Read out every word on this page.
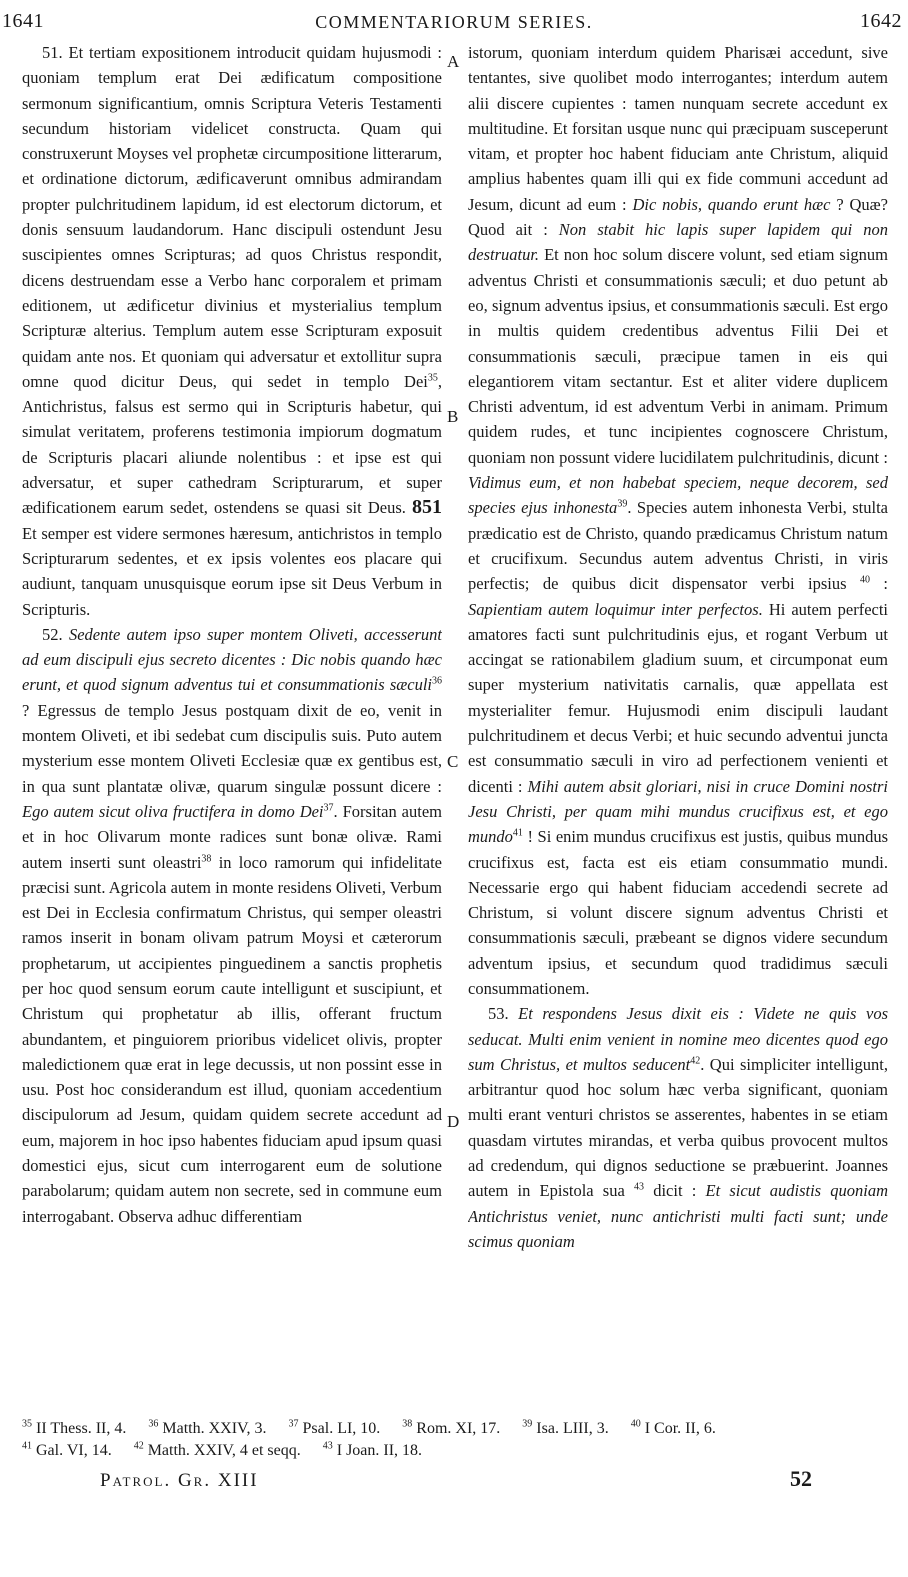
1641	COMMENTARIORUM SERIES.	1642

51. Et tertiam expositionem introducit quidam hujusmodi : quoniam templum erat Dei ædificatum compositione sermonum significantium, omnis Scriptura Veteris Testamenti secundum historiam videlicet constructa. Quam qui construxerunt Moyses vel prophetæ circumpositione litterarum, et ordinatione dictorum, ædificaverunt omnibus admirandam propter pulchritudinem lapidum, id est electorum dictorum, et donis sensuum laudandorum. Hanc discipuli ostendunt Jesu suscipientes omnes Scripturas; ad quos Christus respondit, dicens destruendam esse a Verbo hanc corporalem et primam editionem, ut ædificetur divinius et mysterialius templum Scripturæ alterius. Templum autem esse Scripturam exposuit quidam ante nos. Et quoniam qui adversatur et extollitur supra omne quod dicitur Deus, qui sedet in templo Dei$^{35}$, Antichristus, falsus est sermo qui in Scripturis habetur, qui simulat veritatem, proferens testimonia impiorum dogmatum de Scripturis placari aliunde nolentibus : et ipse est qui adversatur, et super cathedram Scripturarum, et super ædificationem earum sedet, ostendens se quasi sit Deus. 851 Et semper est videre sermones hæresum, antichristos in templo Scripturarum sedentes, et ex ipsis volentes eos placare qui audiunt, tanquam unusquisque eorum ipse sit Deus Verbum in Scripturis.

52. Sedente autem ipso super montem Oliveti, accesserunt ad eum discipuli ejus secreto dicentes : Dic nobis quando hæc erunt, et quod signum adventus tui et consummationis sæculi$^{36}$ ? Egressus de templo Jesus postquam dixit de eo, venit in montem Oliveti, et ibi sedebat cum discipulis suis. Puto autem mysterium esse montem Oliveti Ecclesiæ quæ ex gentibus est, in qua sunt plantatæ olivæ, quarum singulæ possunt dicere : Ego autem sicut oliva fructifera in domo Dei$^{37}$. Forsitan autem et in hoc Olivarum monte radices sunt bonæ olivæ. Rami autem inserti sunt oleastri$^{38}$ in loco ramorum qui infidelitate præcisi sunt. Agricola autem in monte residens Oliveti, Verbum est Dei in Ecclesia confirmatum Christus, qui semper oleastri ramos inserit in bonam olivam patrum Moysi et cæterorum prophetarum, ut accipientes pinguedinem a sanctis prophetis per hoc quod sensum eorum caute intelligunt et suscipiunt, et Christum qui prophetatur ab illis, offerant fructum abundantem, et pinguiorem prioribus videlicet olivis, propter maledictionem quæ erat in lege decussis, ut non possint esse in usu. Post hoc considerandum est illud, quoniam accedentium discipulorum ad Jesum, quidam quidem secrete accedunt ad eum, majorem in hoc ipso habentes fiduciam apud ipsum quasi domestici ejus, sicut cum interrogarent eum de solutione parabolarum; quidam autem non secrete, sed in commune eum interrogabant. Observa adhuc differentiam

A
B
C
D

istorum, quoniam interdum quidem Pharisæi accedunt, sive tentantes, sive quolibet modo interrogantes; interdum autem alii discere cupientes : tamen nunquam secrete accedunt ex multitudine. Et forsitan usque nunc qui præcipuam susceperunt vitam, et propter hoc habent fiduciam ante Christum, aliquid amplius habentes quam illi qui ex fide communi accedunt ad Jesum, dicunt ad eum : Dic nobis, quando erunt hæc ? Quæ? Quod ait : Non stabit hic lapis super lapidem qui non destruatur. Et non hoc solum discere volunt, sed etiam signum adventus Christi et consummationis sæculi; et duo petunt ab eo, signum adventus ipsius, et consummationis sæculi. Est ergo in multis quidem credentibus adventus Filii Dei et consummationis sæculi, præcipue tamen in eis qui elegantiorem vitam sectantur. Est et aliter videre duplicem Christi adventum, id est adventum Verbi in animam. Primum quidem rudes, et tunc incipientes cognoscere Christum, quoniam non possunt videre lucidilatem pulchritudinis, dicunt : Vidimus eum, et non habebat speciem, neque decorem, sed species ejus inhonesta$^{39}$. Species autem inhonesta Verbi, stulta prædicatio est de Christo, quando prædicamus Christum natum et crucifixum. Secundus autem adventus Christi, in viris perfectis; de quibus dicit dispensator verbi ipsius $^{40}$ : Sapientiam autem loquimur inter perfectos. Hi autem perfecti amatores facti sunt pulchritudinis ejus, et rogant Verbum ut accingat se rationabilem gladium suum, et circumponat eum super mysterium nativitatis carnalis, quæ appellata est mysterialiter femur. Hujusmodi enim discipuli laudant pulchritudinem et decus Verbi; et huic secundo adventui juncta est consummatio sæculi in viro ad perfectionem venienti et dicenti : Mihi autem absit gloriari, nisi in cruce Domini nostri Jesu Christi, per quam mihi mundus crucifixus est, et ego mundo$^{41}$ ! Si enim mundus crucifixus est justis, quibus mundus crucifixus est, facta est eis etiam consummatio mundi. Necessarie ergo qui habent fiduciam accedendi secrete ad Christum, si volunt discere signum adventus Christi et consummationis sæculi, præbeant se dignos videre secundum adventum ipsius, et secundum quod tradidimus sæculi consummationem.

53. Et respondens Jesus dixit eis : Videte ne quis vos seducat. Multi enim venient in nomine meo dicentes quod ego sum Christus, et multos seducent$^{42}$. Qui simpliciter intelligunt, arbitrantur quod hoc solum hæc verba significant, quoniam multi erant venturi christos se asserentes, habentes in se etiam quasdam virtutes mirandas, et verba quibus provocent multos ad credendum, qui dignos seductione se præbuerint. Joannes autem in Epistola sua $^{43}$ dicit : Et sicut audistis quoniam Antichristus veniet, nunc antichristi multi facti sunt; unde scimus quoniam

$^{35}$ II Thess. II, 4. $^{36}$ Matth. XXIV, 3. $^{37}$ Psal. LI, 10. $^{38}$ Rom. XI, 17. $^{39}$ Isa. LIII, 3. $^{40}$ I Cor. II, 6.
$^{41}$ Gal. VI, 14. $^{42}$ Matth. XXIV, 4 et seqq. $^{43}$ I Joan. II, 18.
Patrol. Gr. XIII	52
